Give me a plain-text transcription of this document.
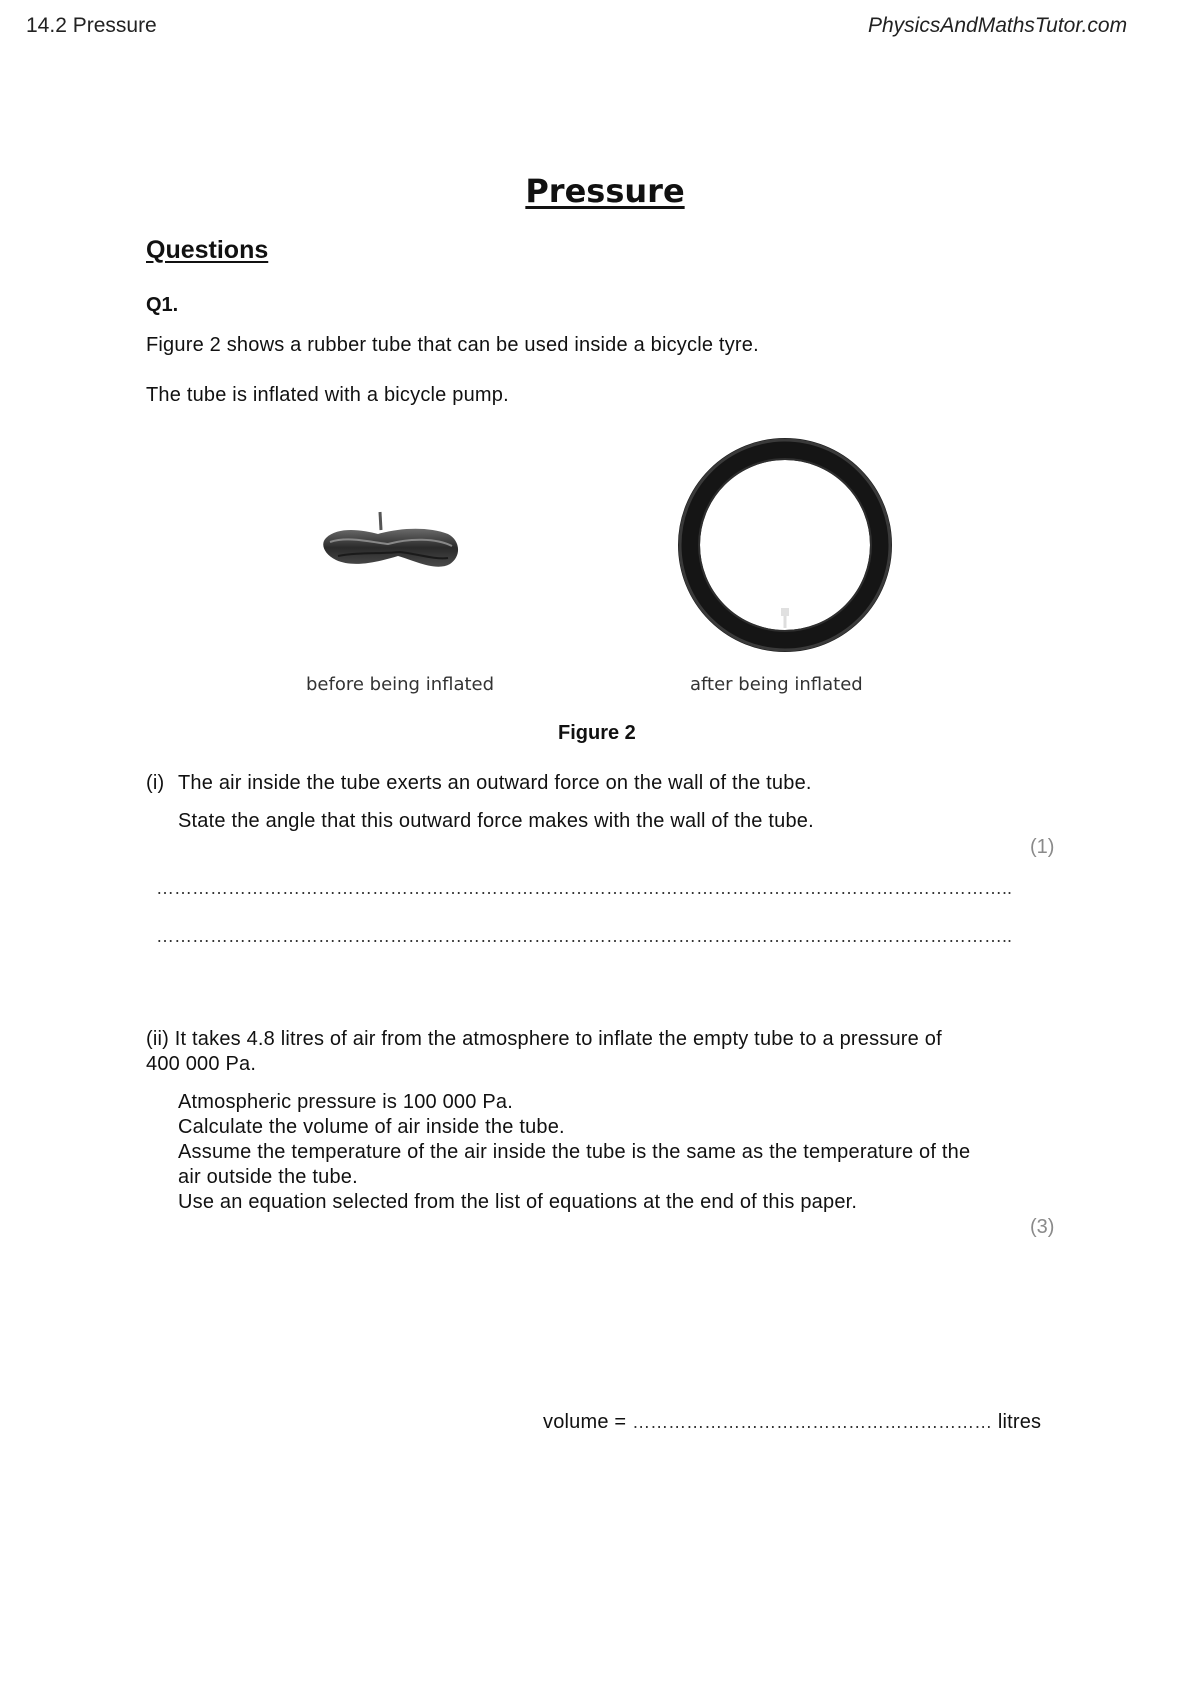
14.2 Pressure	PhysicsAndMathsTutor.com
Pressure
Questions
Q1.
Figure 2 shows a rubber tube that can be used inside a bicycle tyre.
The tube is inflated with a bicycle pump.
before being inflated	after being inflated
Figure 2
(i) The air inside the tube exerts an outward force on the wall of the tube.
State the angle that this outward force makes with the wall of the tube.
(1)
……………………………………………………………………………………………………………………………..
……………………………………………………………………………………………………………………………..
(ii) It takes 4.8 litres of air from the atmosphere to inflate the empty tube to a pressure of
400 000 Pa.
Atmospheric pressure is 100 000 Pa.
Calculate the volume of air inside the tube.
Assume the temperature of the air inside the tube is the same as the temperature of the
air outside the tube.
Use an equation selected from the list of equations at the end of this paper.
(3)
volume = …………………………………………………… litres
